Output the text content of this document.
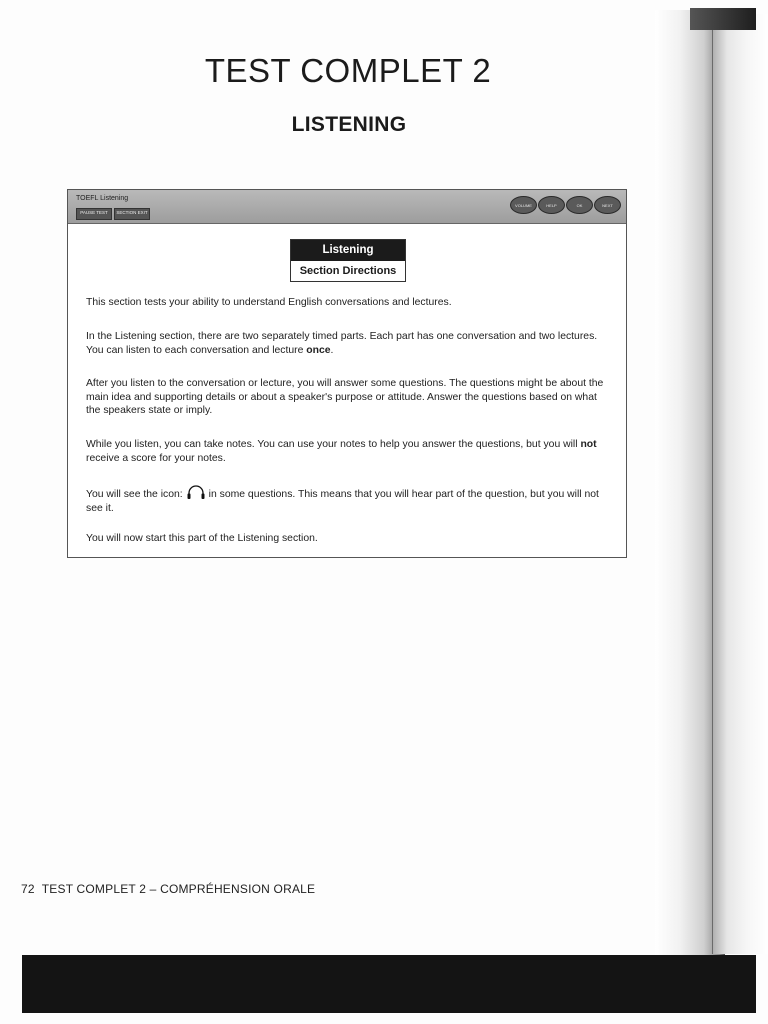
TEST COMPLET 2
LISTENING
TOEFL Listening
PAUSE TEST	SECTION EXIT
VOLUME	HELP	OK	NEXT
Listening
Section Directions
This section tests your ability to understand English conversations and lectures.
In the Listening section, there are two separately timed parts. Each part has one conversation and two lectures. You can listen to each conversation and lecture once.
After you listen to the conversation or lecture, you will answer some questions. The questions might be about the main idea and supporting details or about a speaker's purpose or attitude. Answer the questions based on what the speakers state or imply.
While you listen, you can take notes. You can use your notes to help you answer the questions, but you will not receive a score for your notes.
You will see the icon:	in some questions. This means that you will hear part of the question, but you will not see it.
You will now start this part of the Listening section.
72 TEST COMPLET 2 – COMPRÉHENSION ORALE
